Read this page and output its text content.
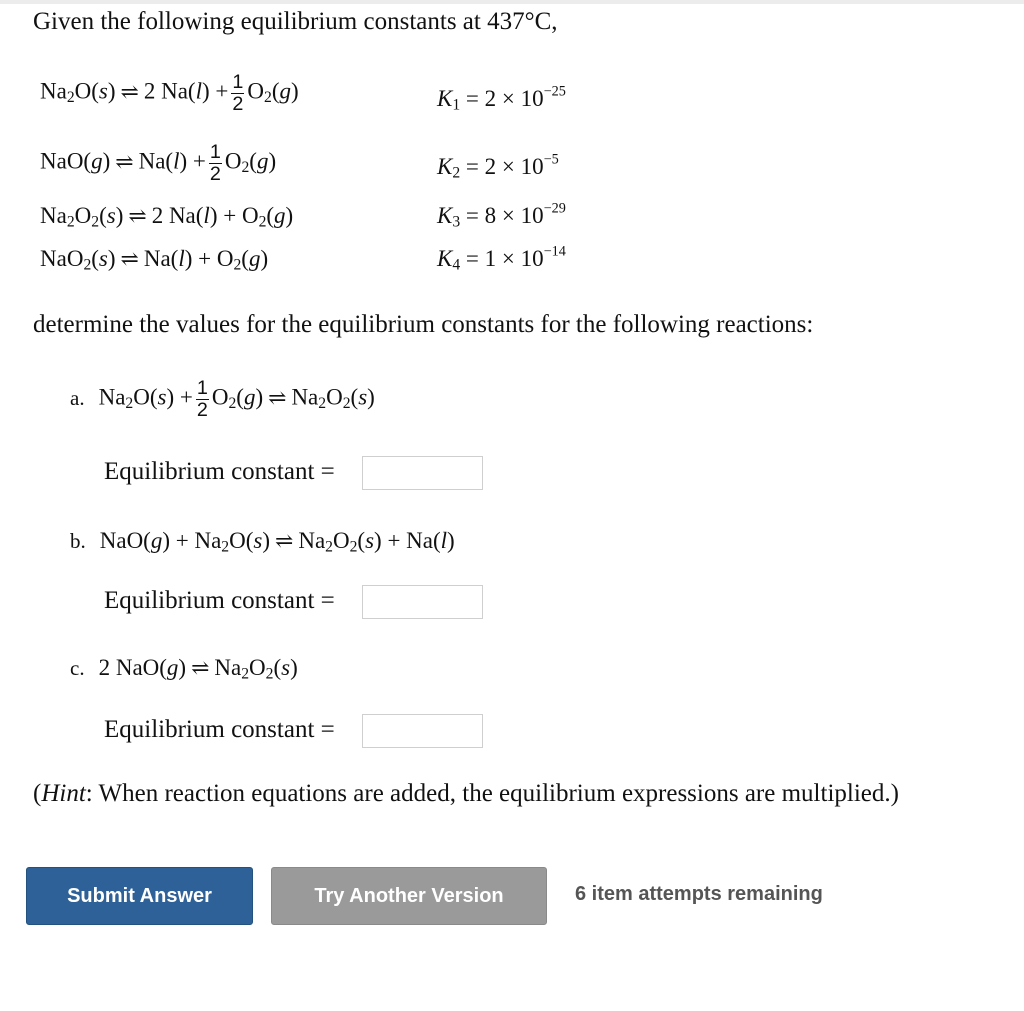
Given the following equilibrium constants at 437°C,
$Na_2O(s)$ ⇌ 2 $Na(l) + \frac{1}{2} O_2(g)$	$K_1 = 2 \times 10^{-25}$
NaO(g) ⇌ $Na(l) + \frac{1}{2} O_2(g)$	$K_2 = 2 \times 10^{-5}$
$Na_2O_2(s)$ ⇌ 2 $Na(l) + O_2(g)$	$K_3 = 8 \times 10^{-29}$
NaO$_2$(s) ⇌ $Na(l) + O_2(g)$	$K_4 = 1 \times 10^{-14}$
determine the values for the equilibrium constants for the following reactions:
a. $Na_2O(s) + \frac{1}{2} O_2(g)$ ⇌ $Na_2O_2(s)$
Equilibrium constant =
b. $NaO(g) + Na_2O(s)$ ⇌ $Na_2O_2(s) + Na(l)$
Equilibrium constant =
c. 2 NaO(g) ⇌ $Na_2O_2(s)$
Equilibrium constant =
(Hint: When reaction equations are added, the equilibrium expressions are multiplied.)
Submit Answer	Try Another Version	6 item attempts remaining
